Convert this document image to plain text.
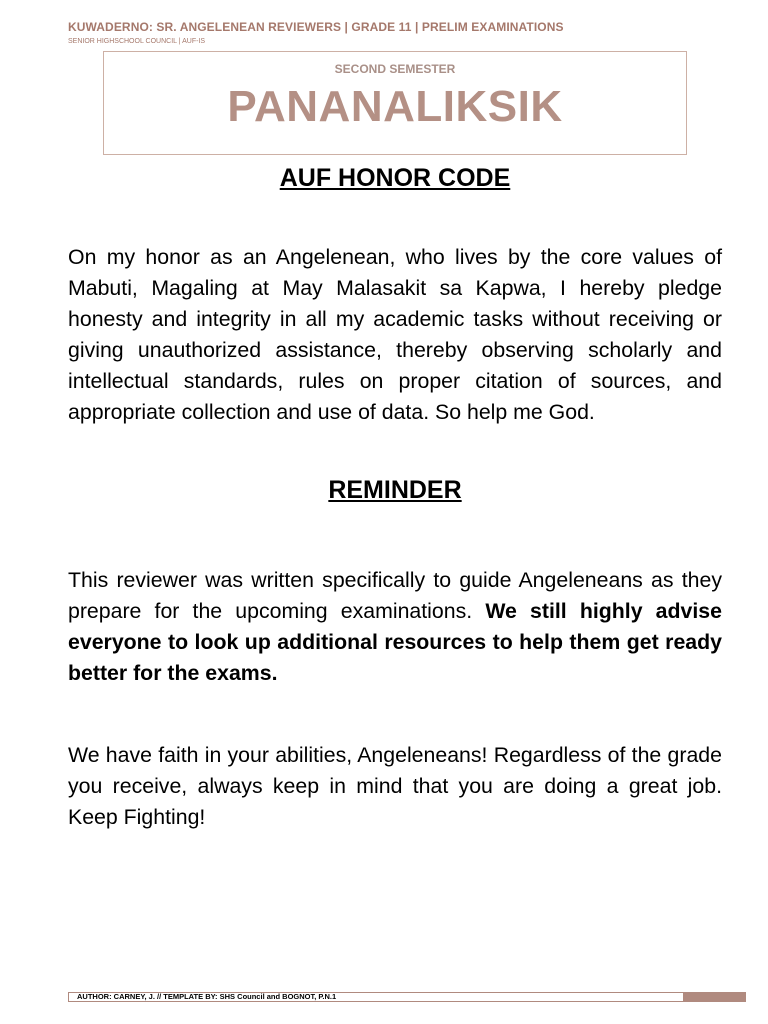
KUWADERNO: SR. ANGELENEAN REVIEWERS | GRADE 11 | PRELIM EXAMINATIONS
SENIOR HIGHSCHOOL COUNCIL | AUF-IS
SECOND SEMESTER
PANANALIKSIK
AUF HONOR CODE
On my honor as an Angelenean, who lives by the core values of Mabuti, Magaling at May Malasakit sa Kapwa, I hereby pledge honesty and integrity in all my academic tasks without receiving or giving unauthorized assistance, thereby observing scholarly and intellectual standards, rules on proper citation of sources, and appropriate collection and use of data. So help me God.
REMINDER
This reviewer was written specifically to guide Angeleneans as they prepare for the upcoming examinations. We still highly advise everyone to look up additional resources to help them get ready better for the exams.
We have faith in your abilities, Angeleneans! Regardless of the grade you receive, always keep in mind that you are doing a great job. Keep Fighting!
AUTHOR: CARNEY, J. // TEMPLATE BY: SHS Council and BOGNOT, P.N.1
